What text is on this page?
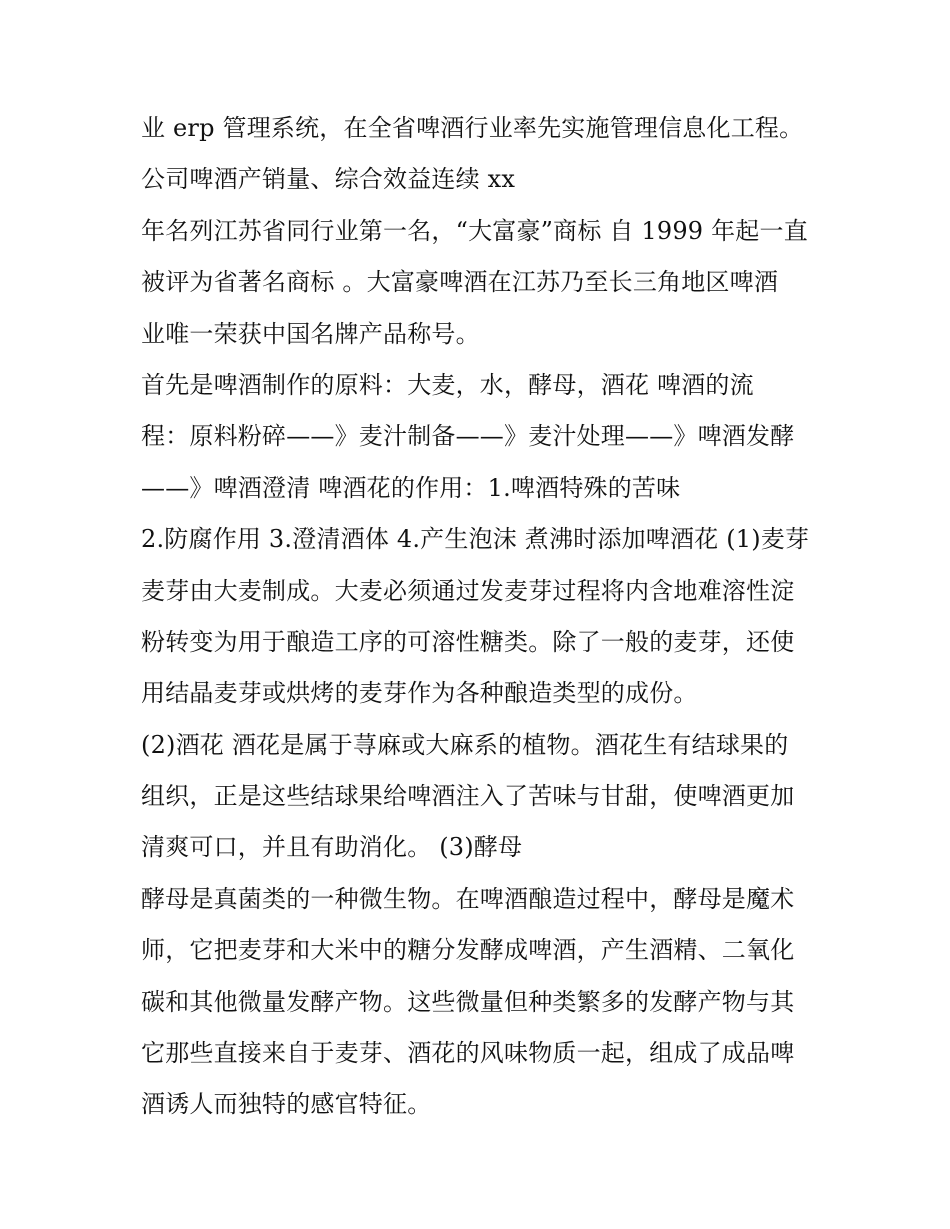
业 erp 管理系统，在全省啤酒行业率先实施管理信息化工程。
公司啤酒产销量、综合效益连续 xx
年名列江苏省同行业第一名，“大富豪”商标 自 1999 年起一直
被评为省著名商标 。大富豪啤酒在江苏乃至长三角地区啤酒
业唯一荣获中国名牌产品称号。
首先是啤酒制作的原料：大麦，水，酵母，酒花 啤酒的流
程：原料粉碎——》麦汁制备——》麦汁处理——》啤酒发酵
——》啤酒澄清 啤酒花的作用：1.啤酒特殊的苦味
2.防腐作用 3.澄清酒体 4.产生泡沫 煮沸时添加啤酒花 (1)麦芽
麦芽由大麦制成。大麦必须通过发麦芽过程将内含地难溶性淀
粉转变为用于酿造工序的可溶性糖类。除了一般的麦芽，还使
用结晶麦芽或烘烤的麦芽作为各种酿造类型的成份。
(2)酒花 酒花是属于荨麻或大麻系的植物。酒花生有结球果的
组织，正是这些结球果给啤酒注入了苦味与甘甜，使啤酒更加
清爽可口，并且有助消化。 (3)酵母
酵母是真菌类的一种微生物。在啤酒酿造过程中，酵母是魔术
师，它把麦芽和大米中的糖分发酵成啤酒，产生酒精、二氧化
碳和其他微量发酵产物。这些微量但种类繁多的发酵产物与其
它那些直接来自于麦芽、酒花的风味物质一起，组成了成品啤
酒诱人而独特的感官特征。
